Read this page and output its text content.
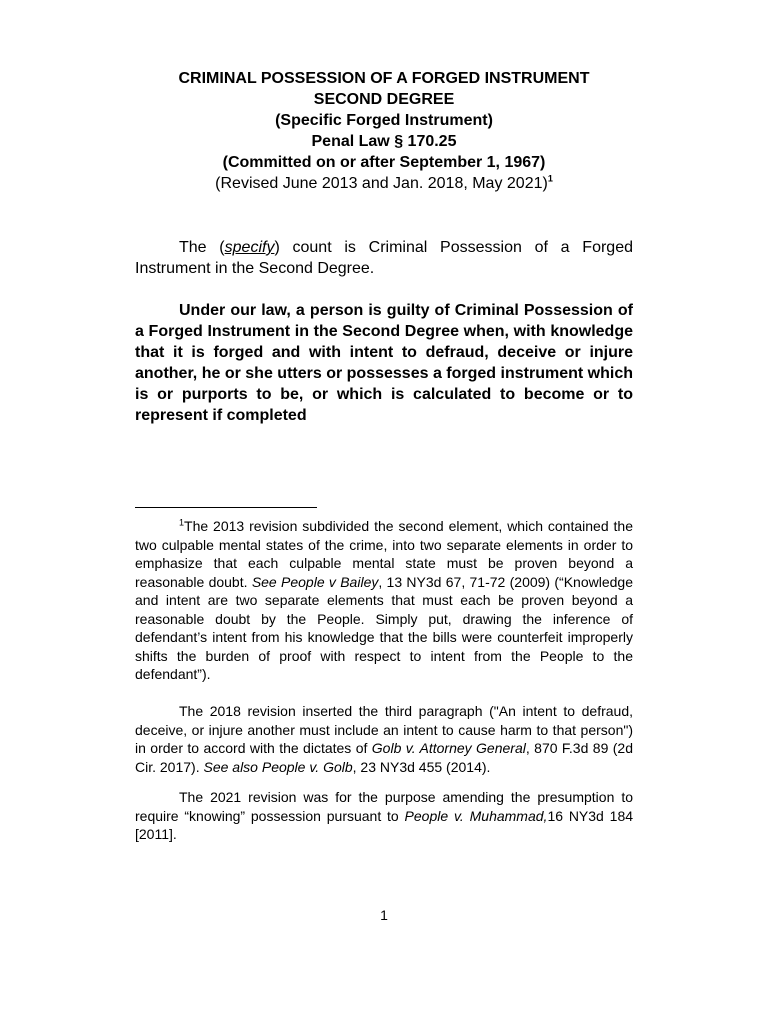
CRIMINAL POSSESSION OF A FORGED INSTRUMENT
SECOND DEGREE
(Specific Forged Instrument)
Penal Law § 170.25
(Committed on or after September 1, 1967)
(Revised June 2013 and Jan. 2018, May 2021)$^1$
The (specify) count is Criminal Possession of a Forged Instrument in the Second Degree.
Under our law, a person is guilty of Criminal Possession of a Forged Instrument in the Second Degree when, with knowledge that it is forged and with intent to defraud, deceive or injure another, he or she utters or possesses a forged instrument which is or purports to be, or which is calculated to become or to represent if completed
$^1$The 2013 revision subdivided the second element, which contained the two culpable mental states of the crime, into two separate elements in order to emphasize that each culpable mental state must be proven beyond a reasonable doubt. See People v Bailey, 13 NY3d 67, 71-72 (2009) (“Knowledge and intent are two separate elements that must each be proven beyond a reasonable doubt by the People. Simply put, drawing the inference of defendant’s intent from his knowledge that the bills were counterfeit improperly shifts the burden of proof with respect to intent from the People to the defendant”).
The 2018 revision inserted the third paragraph ("An intent to defraud, deceive, or injure another must include an intent to cause harm to that person") in order to accord with the dictates of Golb v. Attorney General, 870 F.3d 89 (2d Cir. 2017). See also People v. Golb, 23 NY3d 455 (2014).
The 2021 revision was for the purpose amending the presumption to require “knowing” possession pursuant to People v. Muhammad,16 NY3d 184 [2011].
1
